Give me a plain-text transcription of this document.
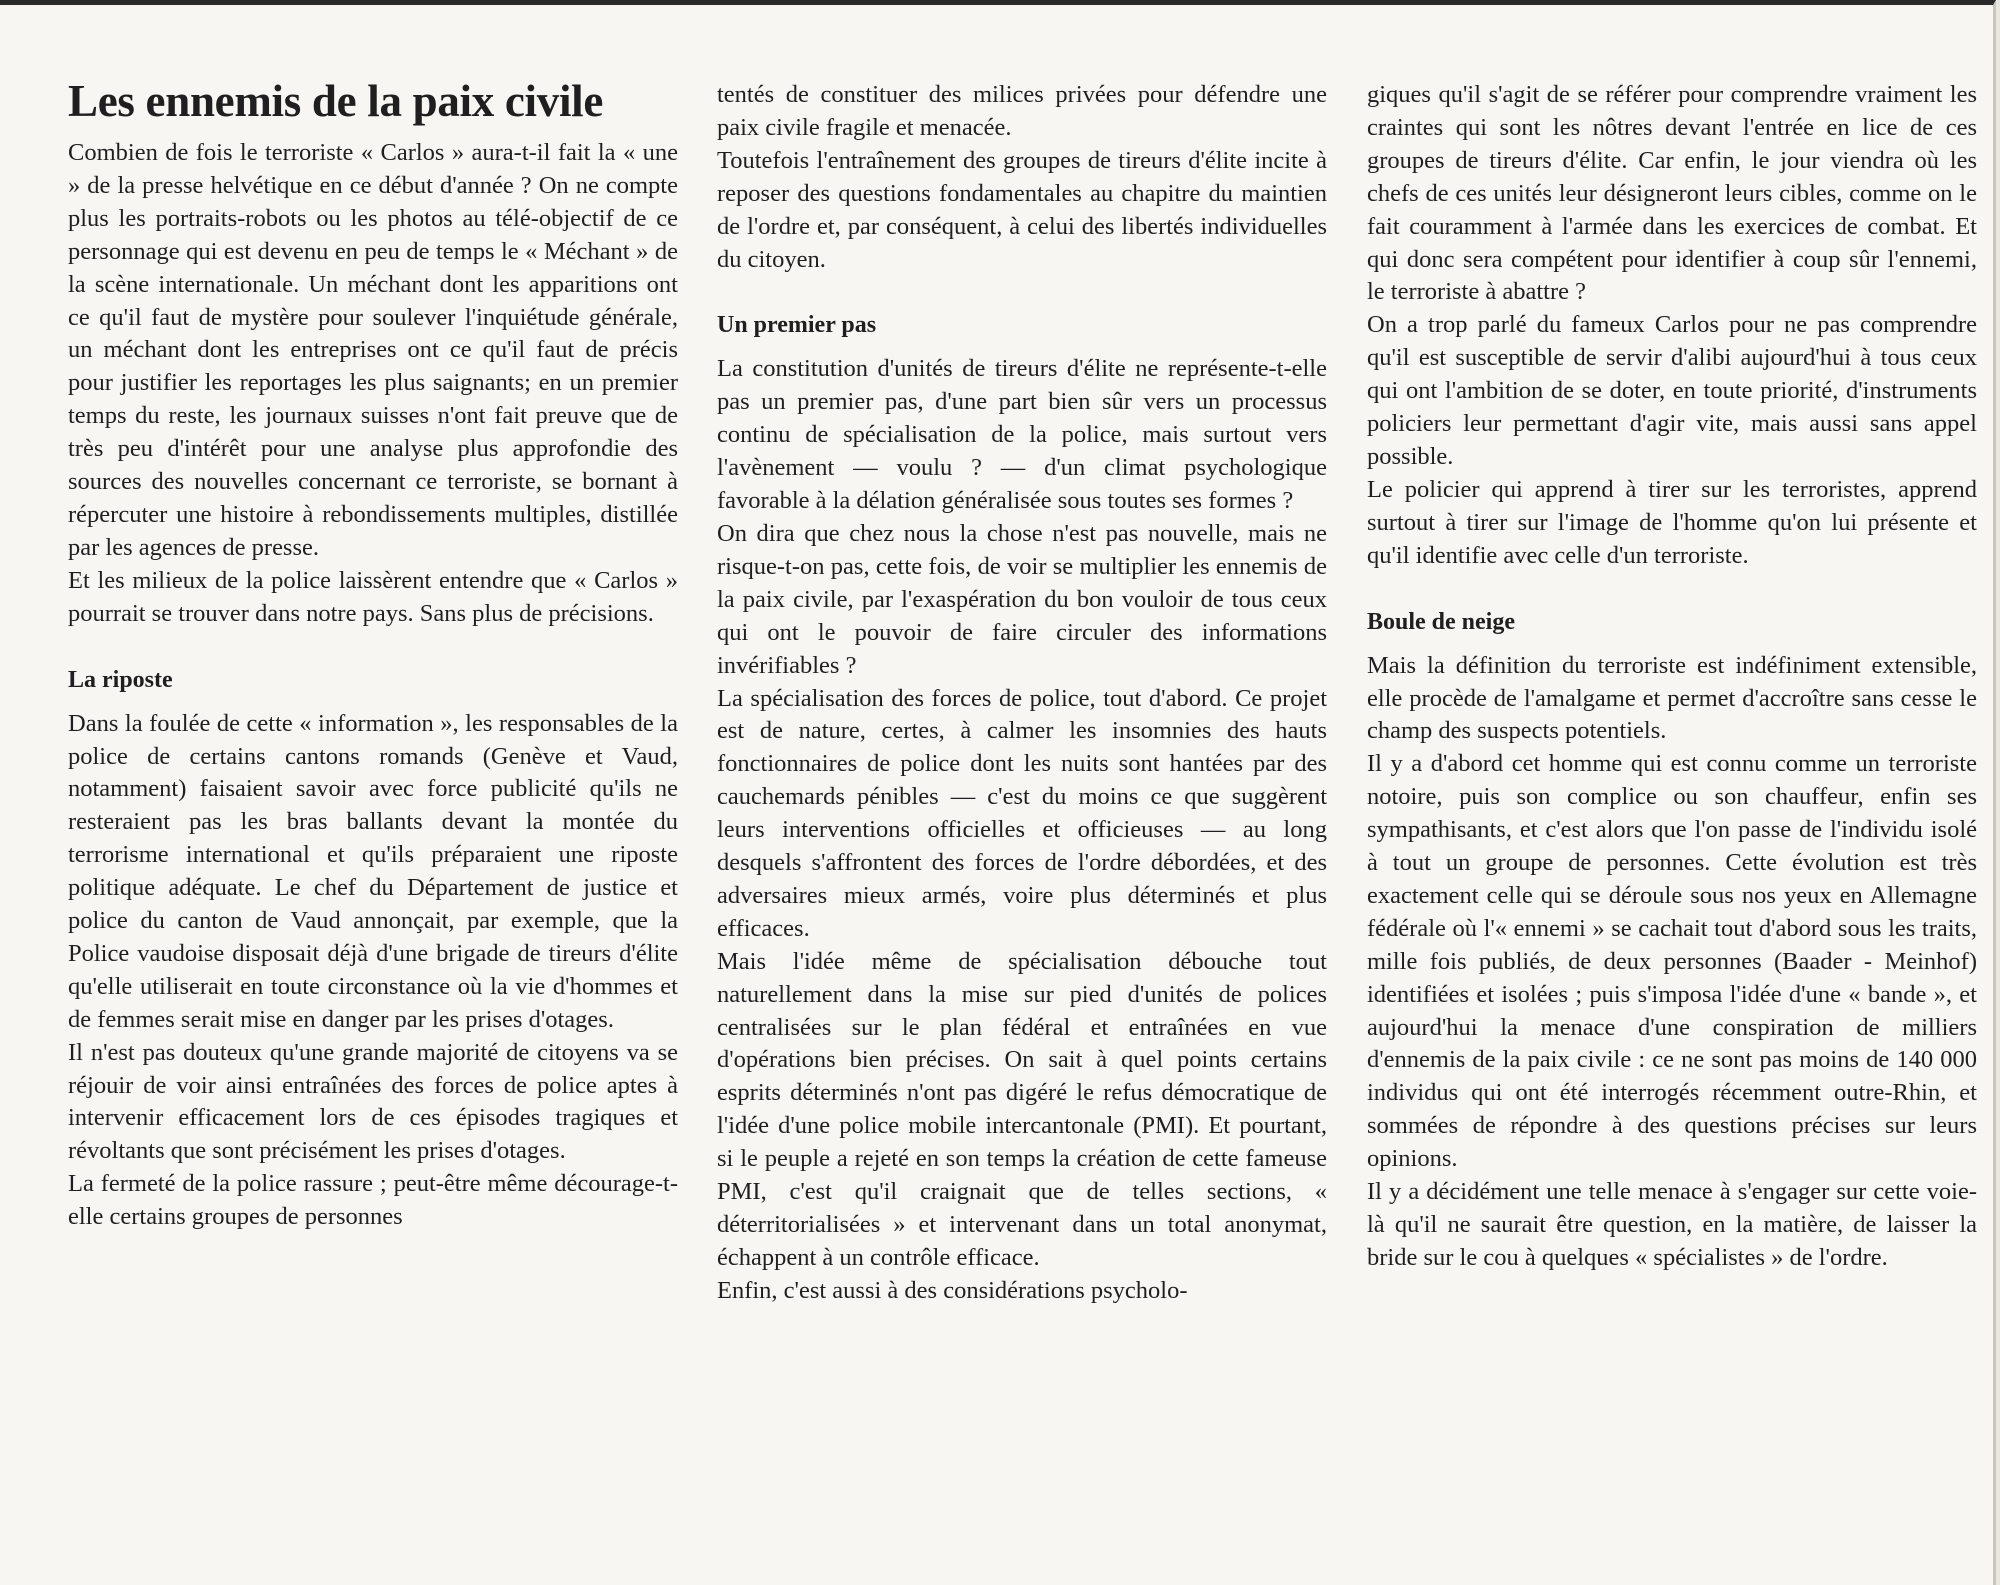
Les ennemis de la paix civile

Combien de fois le terroriste « Carlos » aura-t-il fait la « une » de la presse helvétique en ce début d'année ? On ne compte plus les portraits-robots ou les photos au télé-objectif de ce personnage qui est devenu en peu de temps le « Méchant » de la scène internationale. Un méchant dont les apparitions ont ce qu'il faut de mystère pour soulever l'inquiétude générale, un méchant dont les entreprises ont ce qu'il faut de précis pour justifier les reportages les plus saignants; en un premier temps du reste, les journaux suisses n'ont fait preuve que de très peu d'intérêt pour une analyse plus approfondie des sources des nouvelles concernant ce terroriste, se bornant à répercuter une histoire à rebondissements multiples, distillée par les agences de presse.

Et les milieux de la police laissèrent entendre que « Carlos » pourrait se trouver dans notre pays. Sans plus de précisions.

La riposte

Dans la foulée de cette « information », les responsables de la police de certains cantons romands (Genève et Vaud, notamment) faisaient savoir avec force publicité qu'ils ne resteraient pas les bras ballants devant la montée du terrorisme international et qu'ils préparaient une riposte politique adéquate. Le chef du Département de justice et police du canton de Vaud annonçait, par exemple, que la Police vaudoise disposait déjà d'une brigade de tireurs d'élite qu'elle utiliserait en toute circonstance où la vie d'hommes et de femmes serait mise en danger par les prises d'otages.

Il n'est pas douteux qu'une grande majorité de citoyens va se réjouir de voir ainsi entraînées des forces de police aptes à intervenir efficacement lors de ces épisodes tragiques et révoltants que sont précisément les prises d'otages.

La fermeté de la police rassure ; peut-être même décourage-t-elle certains groupes de personnes

tentés de constituer des milices privées pour défendre une paix civile fragile et menacée.

Toutefois l'entraînement des groupes de tireurs d'élite incite à reposer des questions fondamentales au chapitre du maintien de l'ordre et, par conséquent, à celui des libertés individuelles du citoyen.

Un premier pas

La constitution d'unités de tireurs d'élite ne représente-t-elle pas un premier pas, d'une part bien sûr vers un processus continu de spécialisation de la police, mais surtout vers l'avènement — voulu ? — d'un climat psychologique favorable à la délation généralisée sous toutes ses formes ?

On dira que chez nous la chose n'est pas nouvelle, mais ne risque-t-on pas, cette fois, de voir se multiplier les ennemis de la paix civile, par l'exaspération du bon vouloir de tous ceux qui ont le pouvoir de faire circuler des informations invérifiables ?

La spécialisation des forces de police, tout d'abord. Ce projet est de nature, certes, à calmer les insomnies des hauts fonctionnaires de police dont les nuits sont hantées par des cauchemards pénibles — c'est du moins ce que suggèrent leurs interventions officielles et officieuses — au long desquels s'affrontent des forces de l'ordre débordées, et des adversaires mieux armés, voire plus déterminés et plus efficaces.

Mais l'idée même de spécialisation débouche tout naturellement dans la mise sur pied d'unités de polices centralisées sur le plan fédéral et entraînées en vue d'opérations bien précises. On sait à quel points certains esprits déterminés n'ont pas digéré le refus démocratique de l'idée d'une police mobile intercantonale (PMI). Et pourtant, si le peuple a rejeté en son temps la création de cette fameuse PMI, c'est qu'il craignait que de telles sections, « déterritorialisées » et intervenant dans un total anonymat, échappent à un contrôle efficace.

Enfin, c'est aussi à des considérations psycholo-

giques qu'il s'agit de se référer pour comprendre vraiment les craintes qui sont les nôtres devant l'entrée en lice de ces groupes de tireurs d'élite. Car enfin, le jour viendra où les chefs de ces unités leur désigneront leurs cibles, comme on le fait couramment à l'armée dans les exercices de combat. Et qui donc sera compétent pour identifier à coup sûr l'ennemi, le terroriste à abattre ?

On a trop parlé du fameux Carlos pour ne pas comprendre qu'il est susceptible de servir d'alibi aujourd'hui à tous ceux qui ont l'ambition de se doter, en toute priorité, d'instruments policiers leur permettant d'agir vite, mais aussi sans appel possible.

Le policier qui apprend à tirer sur les terroristes, apprend surtout à tirer sur l'image de l'homme qu'on lui présente et qu'il identifie avec celle d'un terroriste.

Boule de neige

Mais la définition du terroriste est indéfiniment extensible, elle procède de l'amalgame et permet d'accroître sans cesse le champ des suspects potentiels.

Il y a d'abord cet homme qui est connu comme un terroriste notoire, puis son complice ou son chauffeur, enfin ses sympathisants, et c'est alors que l'on passe de l'individu isolé à tout un groupe de personnes. Cette évolution est très exactement celle qui se déroule sous nos yeux en Allemagne fédérale où l'« ennemi » se cachait tout d'abord sous les traits, mille fois publiés, de deux personnes (Baader - Meinhof) identifiées et isolées ; puis s'imposa l'idée d'une « bande », et aujourd'hui la menace d'une conspiration de milliers d'ennemis de la paix civile : ce ne sont pas moins de 140 000 individus qui ont été interrogés récemment outre-Rhin, et sommées de répondre à des questions précises sur leurs opinions.

Il y a décidément une telle menace à s'engager sur cette voie-là qu'il ne saurait être question, en la matière, de laisser la bride sur le cou à quelques « spécialistes » de l'ordre.
